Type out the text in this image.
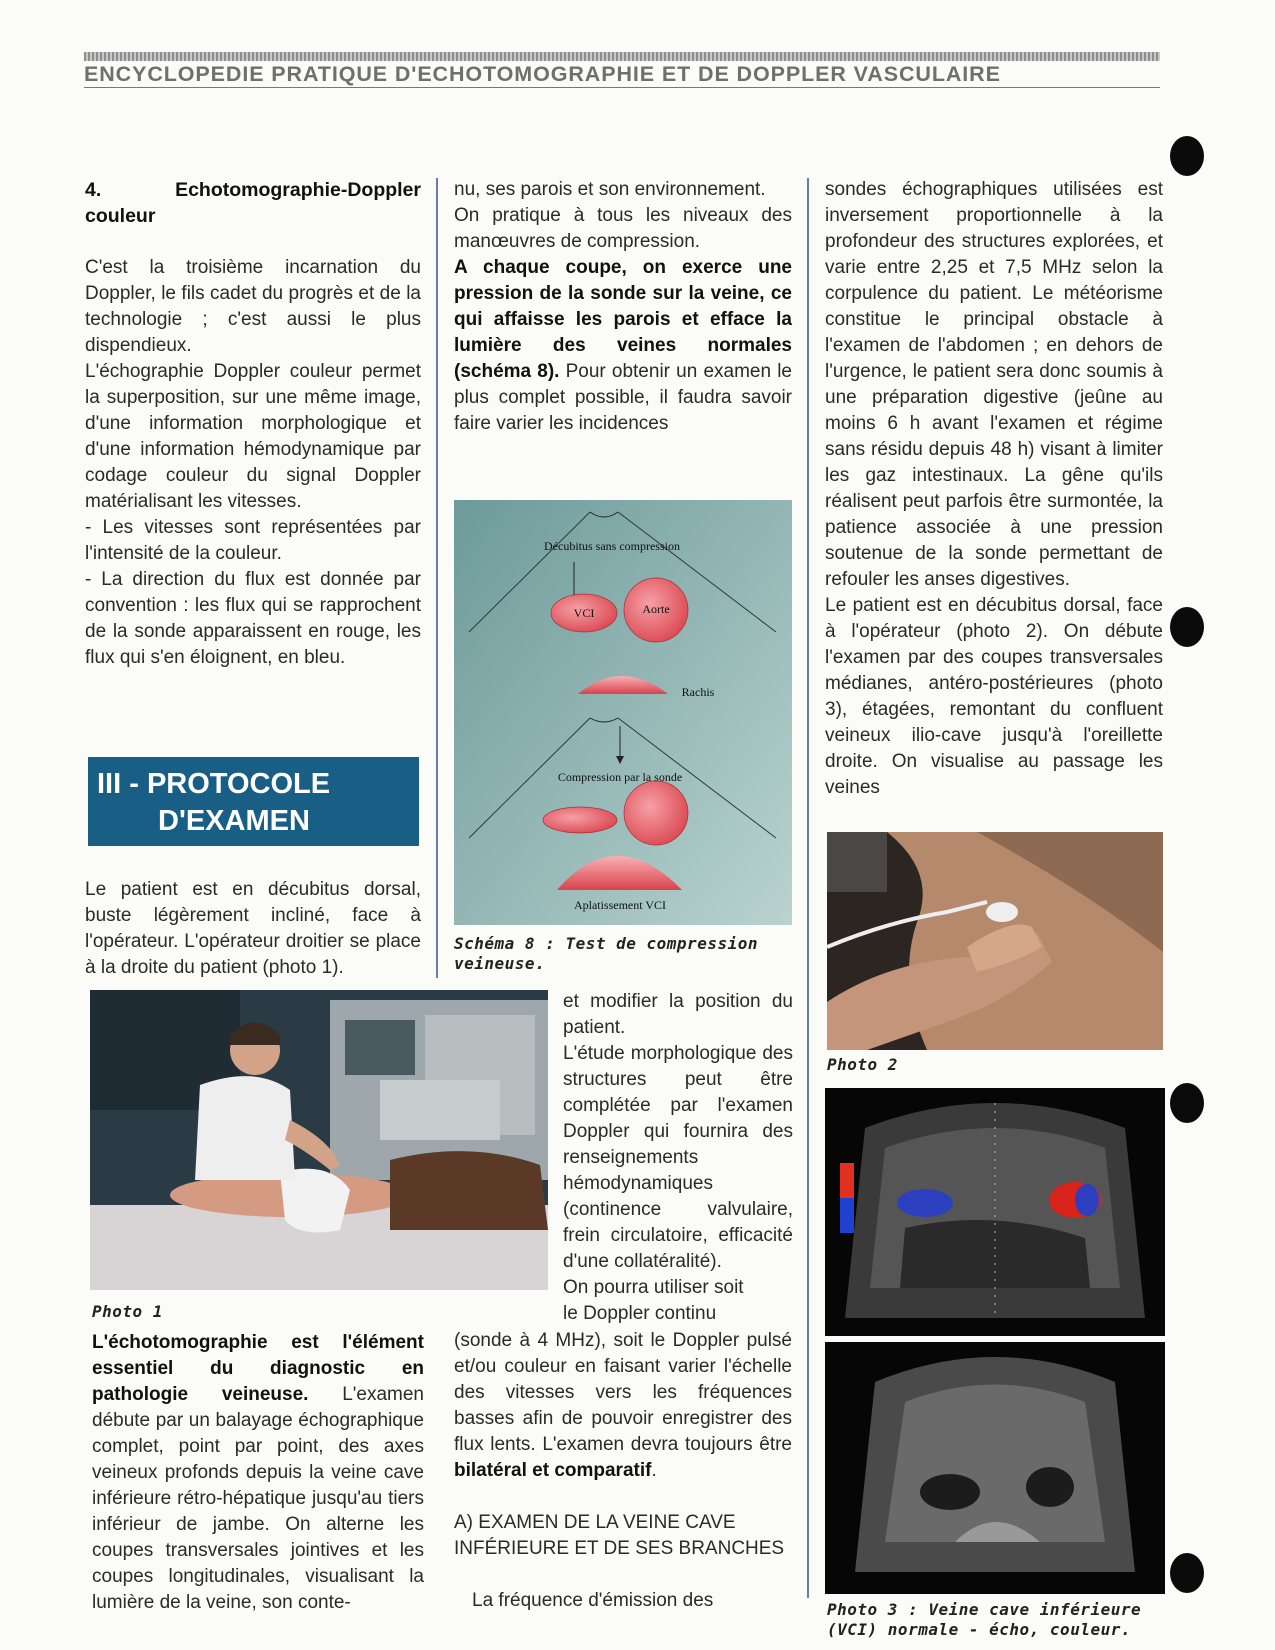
ENCYCLOPEDIE PRATIQUE D'ECHOTOMOGRAPHIE ET DE DOPPLER VASCULAIRE

4. Echotomographie-Doppler couleur

C'est la troisième incarnation du Doppler, le fils cadet du progrès et de la technologie ; c'est aussi le plus dispendieux.

L'échographie Doppler couleur permet la superposition, sur une même image, d'une information morphologique et d'une information hémodynamique par codage couleur du signal Doppler matérialisant les vitesses.

- Les vitesses sont représentées par l'intensité de la couleur.

- La direction du flux est donnée par convention : les flux qui se rapprochent de la sonde apparaissent en rouge, les flux qui s'en éloignent, en bleu.

III - PROTOCOLE
D'EXAMEN

Le patient est en décubitus dorsal, buste légèrement incliné, face à l'opérateur. L'opérateur droitier se place à la droite du patient (photo 1).

Photo 1

L'échotomographie est l'élément essentiel du diagnostic en pathologie veineuse. L'examen débute par un balayage échographique complet, point par point, des axes veineux profonds depuis la veine cave inférieure rétro-hépatique jusqu'au tiers inférieur de jambe. On alterne les coupes transversales jointives et les coupes longitudinales, visualisant la lumière de la veine, son conte-

nu, ses parois et son environnement.

On pratique à tous les niveaux des manœuvres de compression.

A chaque coupe, on exerce une pression de la sonde sur la veine, ce qui affaisse les parois et efface la lumière des veines normales (schéma 8). Pour obtenir un examen le plus complet possible, il faudra savoir faire varier les incidences

Décubitus sans compression
VCI	Aorte
Rachis
Compression par la sonde
Aplatissement VCI
Schéma 8 : Test de compression veineuse.

et modifier la position du patient.

L'étude morphologique des structures peut être complétée par l'examen Doppler qui fournira des renseignements hémodynamiques (continence valvulaire, frein circulatoire, efficacité d'une collatéralité).

On pourra utiliser soit

le Doppler continu

(sonde à 4 MHz), soit le Doppler pulsé et/ou couleur en faisant varier l'échelle des vitesses vers les fréquences basses afin de pouvoir enregistrer des flux lents. L'examen devra toujours être bilatéral et comparatif.

A) EXAMEN DE LA VEINE CAVE INFÉRIEURE ET DE SES BRANCHES

La fréquence d'émission des

sondes échographiques utilisées est inversement proportionnelle à la profondeur des structures explorées, et varie entre 2,25 et 7,5 MHz selon la corpulence du patient. Le météorisme constitue le principal obstacle à l'examen de l'abdomen ; en dehors de l'urgence, le patient sera donc soumis à une préparation digestive (jeûne au moins 6 h avant l'examen et régime sans résidu depuis 48 h) visant à limiter les gaz intestinaux. La gêne qu'ils réalisent peut parfois être surmontée, la patience associée à une pression soutenue de la sonde permettant de refouler les anses digestives.

Le patient est en décubitus dorsal, face à l'opérateur (photo 2). On débute l'examen par des coupes transversales médianes, antéro-postérieures (photo 3), étagées, remontant du confluent veineux ilio-cave jusqu'à l'oreillette droite. On visualise au passage les veines

Photo 2
Photo 3 : Veine cave inférieure (VCI) normale - écho, couleur.
